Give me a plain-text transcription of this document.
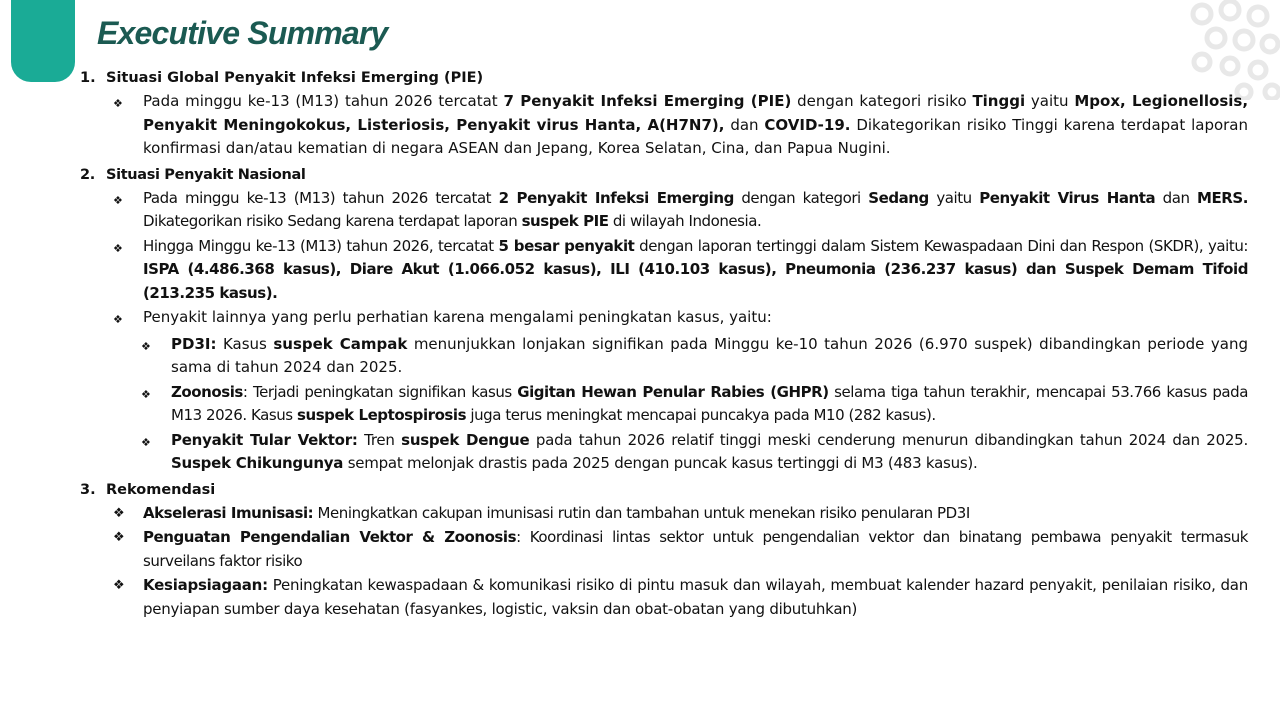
Executive Summary
1. Situasi Global Penyakit Infeksi Emerging (PIE)
❖	Pada minggu ke-13 (M13) tahun 2026 tercatat 7 Penyakit Infeksi Emerging (PIE) dengan kategori risiko Tinggi yaitu Mpox, Legionellosis, Penyakit Meningokokus, Listeriosis, Penyakit virus Hanta, A(H7N7), dan COVID-19. Dikategorikan risiko Tinggi karena terdapat laporan konfirmasi dan/atau kematian di negara ASEAN dan Jepang, Korea Selatan, Cina, dan Papua Nugini.
2. Situasi Penyakit Nasional
❖	Pada minggu ke-13 (M13) tahun 2026 tercatat 2 Penyakit Infeksi Emerging dengan kategori Sedang yaitu Penyakit Virus Hanta dan MERS. Dikategorikan risiko Sedang karena terdapat laporan suspek PIE di wilayah Indonesia.
❖	Hingga Minggu ke-13 (M13) tahun 2026, tercatat 5 besar penyakit dengan laporan tertinggi dalam Sistem Kewaspadaan Dini dan Respon (SKDR), yaitu: ISPA (4.486.368 kasus), Diare Akut (1.066.052 kasus), ILI (410.103 kasus), Pneumonia (236.237 kasus) dan Suspek Demam Tifoid (213.235 kasus).
❖	Penyakit lainnya yang perlu perhatian karena mengalami peningkatan kasus, yaitu:
❖	PD3I: Kasus suspek Campak menunjukkan lonjakan signifikan pada Minggu ke-10 tahun 2026 (6.970 suspek) dibandingkan periode yang sama di tahun 2024 dan 2025.
❖	Zoonosis: Terjadi peningkatan signifikan kasus Gigitan Hewan Penular Rabies (GHPR) selama tiga tahun terakhir, mencapai 53.766 kasus pada M13 2026. Kasus suspek Leptospirosis juga terus meningkat mencapai puncakya pada M10 (282 kasus).
❖	Penyakit Tular Vektor: Tren suspek Dengue pada tahun 2026 relatif tinggi meski cenderung menurun dibandingkan tahun 2024 dan 2025. Suspek Chikungunya sempat melonjak drastis pada 2025 dengan puncak kasus tertinggi di M3 (483 kasus).
3. Rekomendasi
❖	Akselerasi Imunisasi: Meningkatkan cakupan imunisasi rutin dan tambahan untuk menekan risiko penularan PD3I
❖	Penguatan Pengendalian Vektor & Zoonosis: Koordinasi lintas sektor untuk pengendalian vektor dan binatang pembawa penyakit termasuk surveilans faktor risiko
❖	Kesiapsiagaan: Peningkatan kewaspadaan & komunikasi risiko di pintu masuk dan wilayah, membuat kalender hazard penyakit, penilaian risiko, dan penyiapan sumber daya kesehatan (fasyankes, logistic, vaksin dan obat-obatan yang dibutuhkan)
